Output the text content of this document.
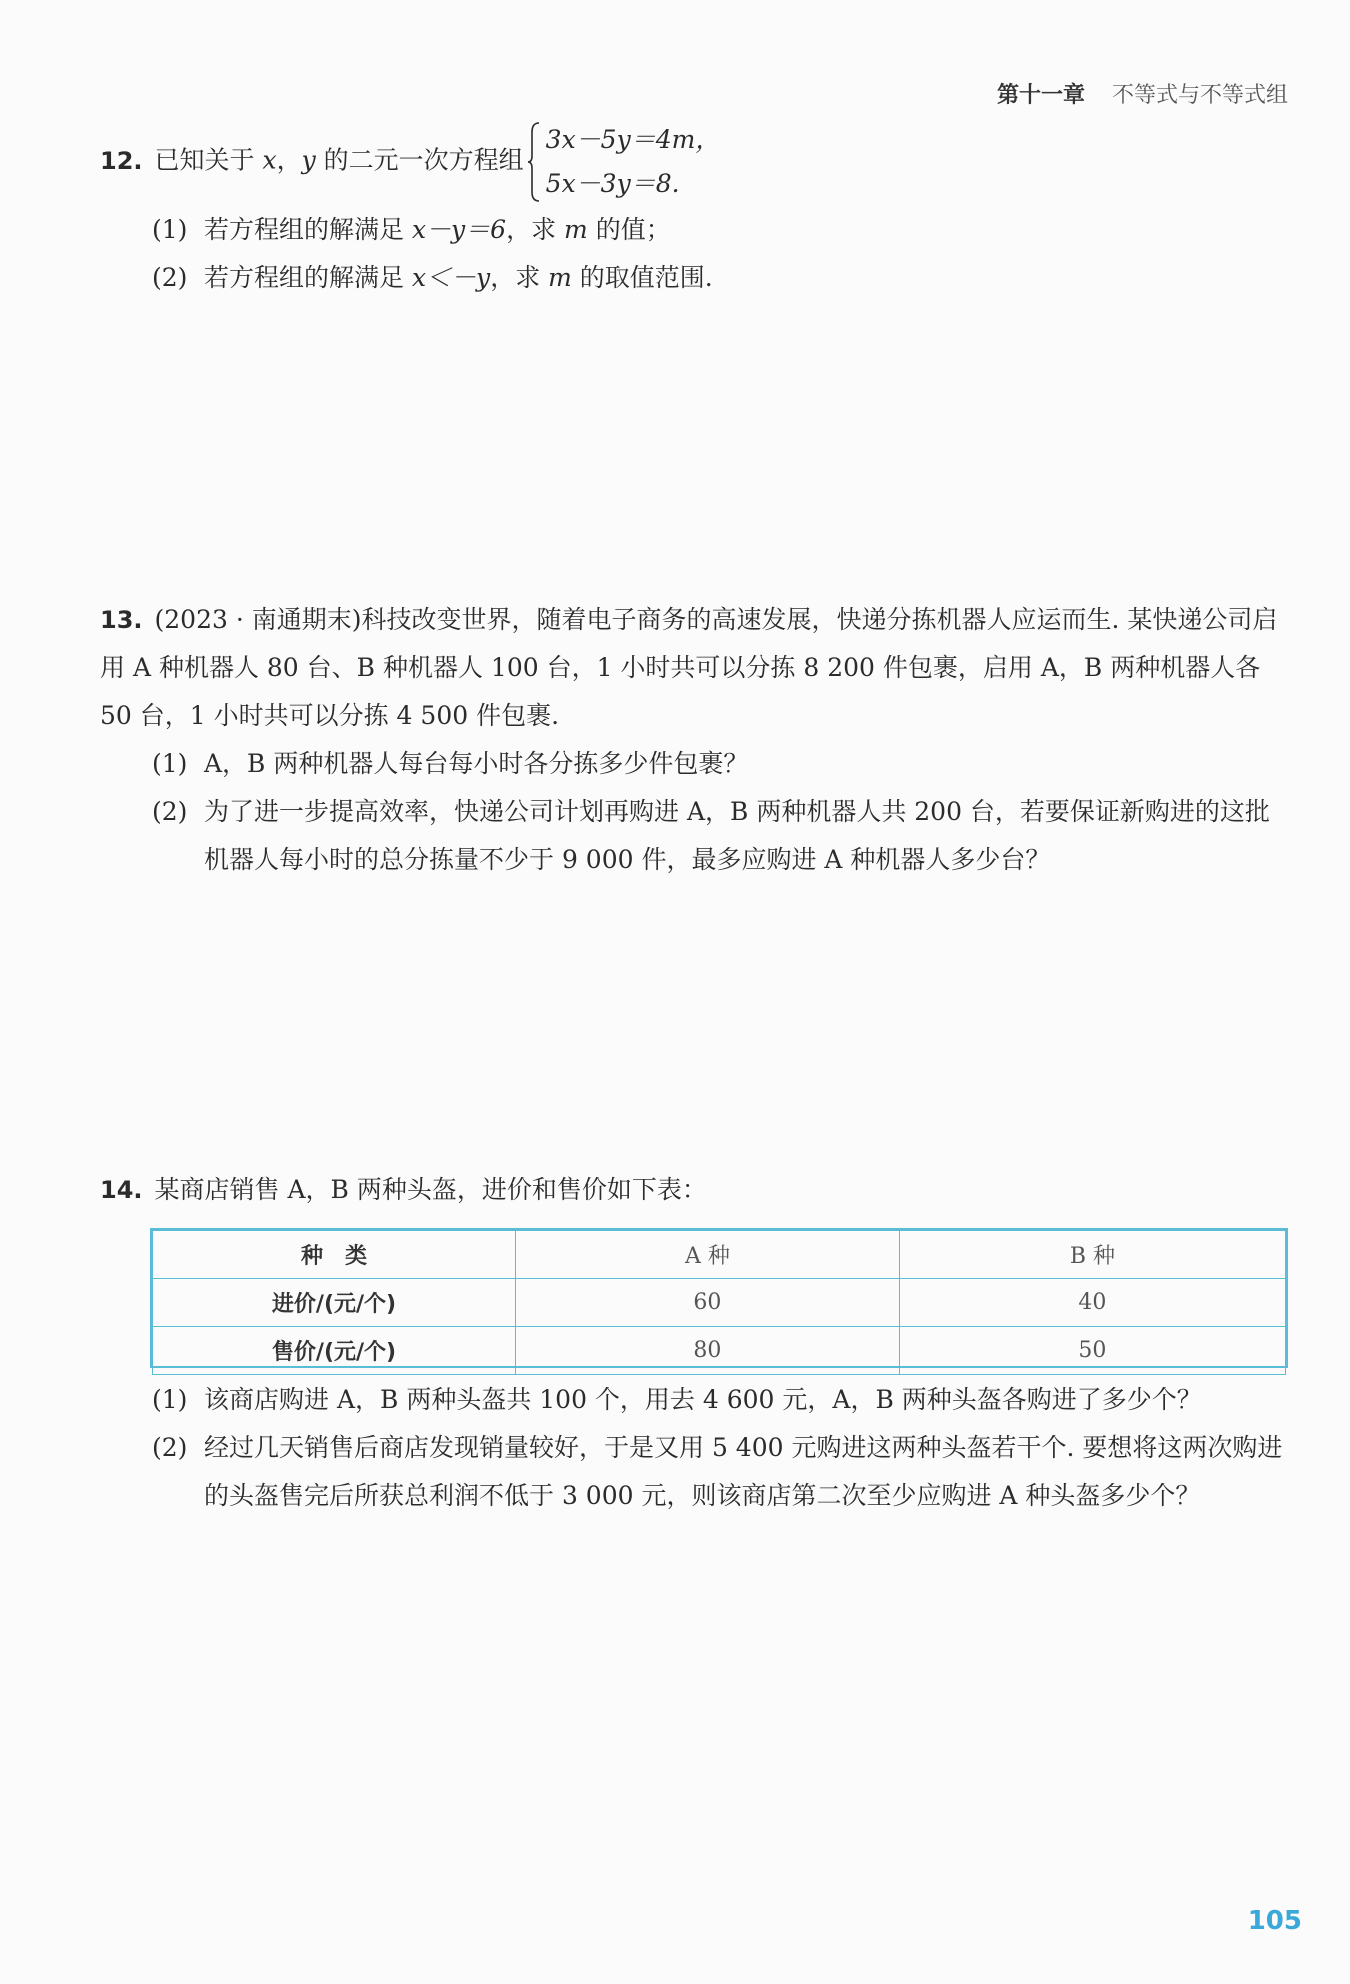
第十一章 不等式与不等式组
12. 已知关于 x，y 的二元一次方程组
3x－5y＝4m，
5x－3y＝8.
(1) 若方程组的解满足 x－y＝6，求 m 的值；
(2) 若方程组的解满足 x＜－y，求 m 的取值范围.
13. (2023 · 南通期末)科技改变世界，随着电子商务的高速发展，快递分拣机器人应运而生. 某快递公司启用 A 种机器人 80 台、B 种机器人 100 台，1 小时共可以分拣 8 200 件包裹，启用 A，B 两种机器人各 50 台，1 小时共可以分拣 4 500 件包裹.
(1) A，B 两种机器人每台每小时各分拣多少件包裹？
(2) 为了进一步提高效率，快递公司计划再购进 A，B 两种机器人共 200 台，若要保证新购进的这批机器人每小时的总分拣量不少于 9 000 件，最多应购进 A 种机器人多少台？
14. 某商店销售 A，B 两种头盔，进价和售价如下表：
种　类	A 种	B 种
进价/(元/个)	60	40
售价/(元/个)	80	50
(1) 该商店购进 A，B 两种头盔共 100 个，用去 4 600 元，A，B 两种头盔各购进了多少个？
(2) 经过几天销售后商店发现销量较好，于是又用 5 400 元购进这两种头盔若干个. 要想将这两次购进的头盔售完后所获总利润不低于 3 000 元，则该商店第二次至少应购进 A 种头盔多少个？
105
